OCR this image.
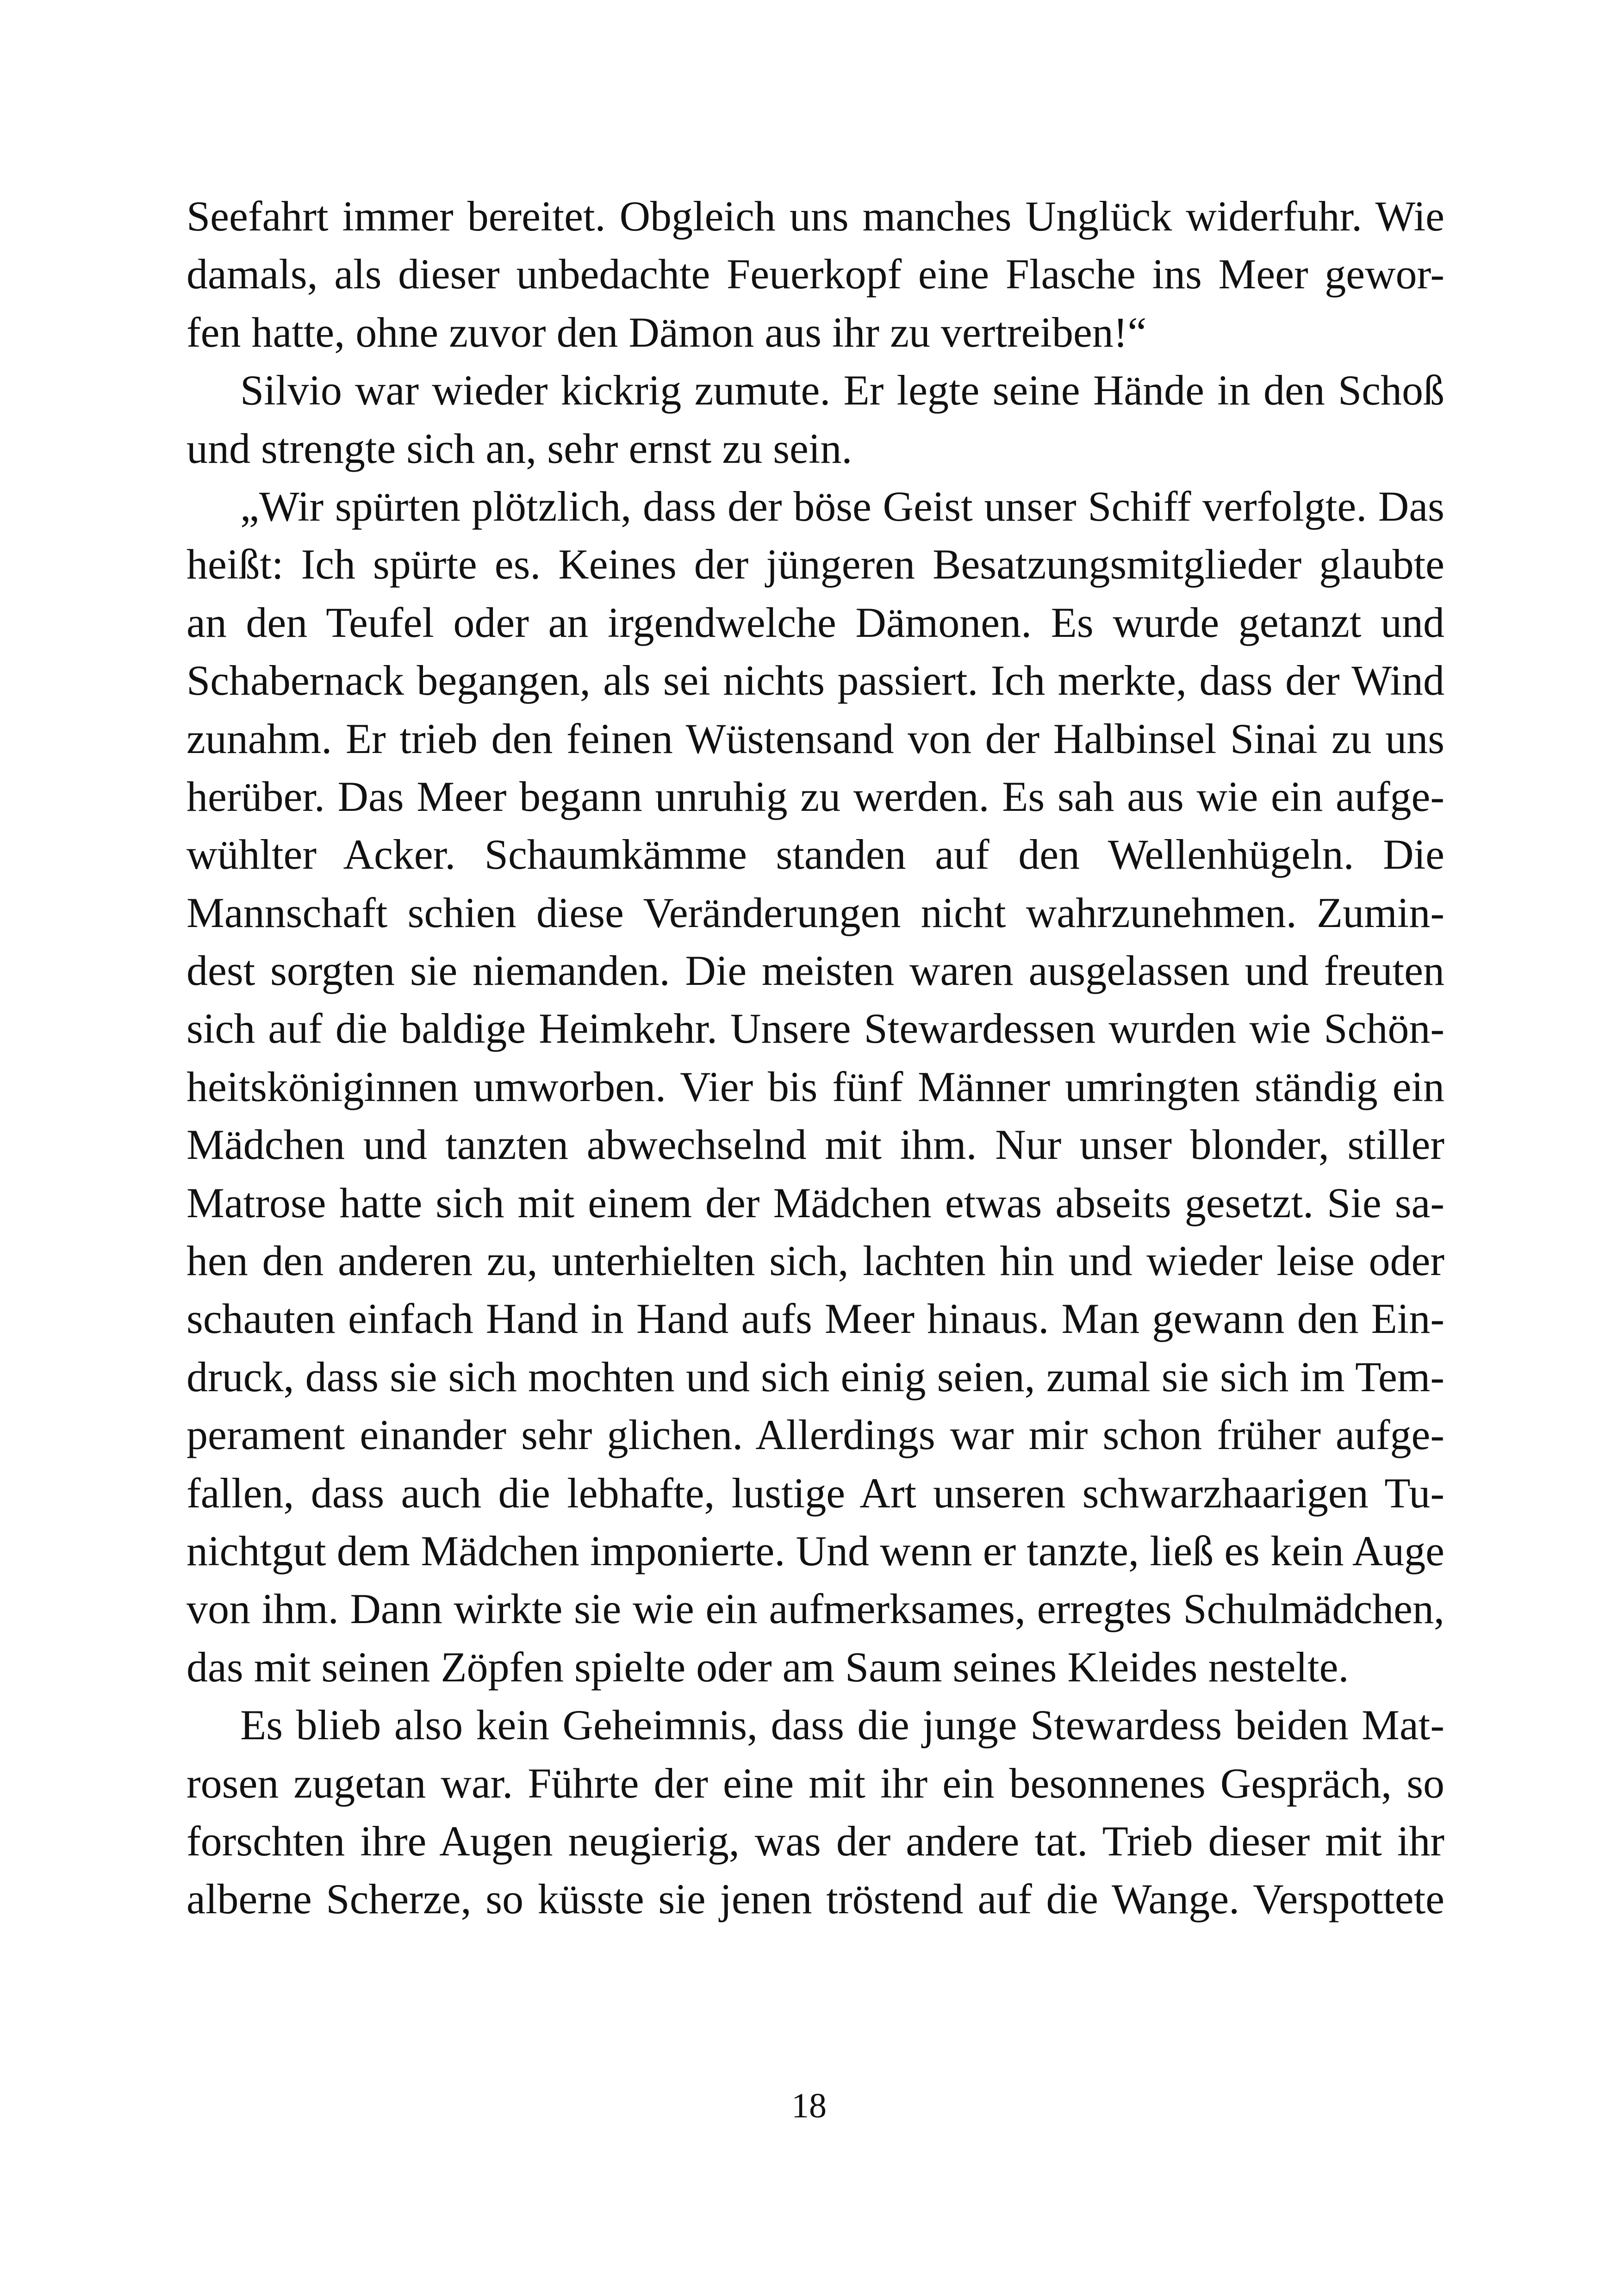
Seefahrt immer bereitet. Obgleich uns manches Unglück widerfuhr. Wie
damals, als dieser unbedachte Feuerkopf eine Flasche ins Meer gewor-
fen hatte, ohne zuvor den Dämon aus ihr zu vertreiben!“
Silvio war wieder kickrig zumute. Er legte seine Hände in den Schoß
und strengte sich an, sehr ernst zu sein.
„Wir spürten plötzlich, dass der böse Geist unser Schiff verfolgte. Das
heißt: Ich spürte es. Keines der jüngeren Besatzungsmitglieder glaubte
an den Teufel oder an irgendwelche Dämonen. Es wurde getanzt und
Schabernack begangen, als sei nichts passiert. Ich merkte, dass der Wind
zunahm. Er trieb den feinen Wüstensand von der Halbinsel Sinai zu uns
herüber. Das Meer begann unruhig zu werden. Es sah aus wie ein aufge-
wühlter Acker. Schaumkämme standen auf den Wellenhügeln. Die
Mannschaft schien diese Veränderungen nicht wahrzunehmen. Zumin-
dest sorgten sie niemanden. Die meisten waren ausgelassen und freuten
sich auf die baldige Heimkehr. Unsere Stewardessen wurden wie Schön-
heitsköniginnen umworben. Vier bis fünf Männer umringten ständig ein
Mädchen und tanzten abwechselnd mit ihm. Nur unser blonder, stiller
Matrose hatte sich mit einem der Mädchen etwas abseits gesetzt. Sie sa-
hen den anderen zu, unterhielten sich, lachten hin und wieder leise oder
schauten einfach Hand in Hand aufs Meer hinaus. Man gewann den Ein-
druck, dass sie sich mochten und sich einig seien, zumal sie sich im Tem-
perament einander sehr glichen. Allerdings war mir schon früher aufge-
fallen, dass auch die lebhafte, lustige Art unseren schwarzhaarigen Tu-
nichtgut dem Mädchen imponierte. Und wenn er tanzte, ließ es kein Auge
von ihm. Dann wirkte sie wie ein aufmerksames, erregtes Schulmädchen,
das mit seinen Zöpfen spielte oder am Saum seines Kleides nestelte.
Es blieb also kein Geheimnis, dass die junge Stewardess beiden Mat-
rosen zugetan war. Führte der eine mit ihr ein besonnenes Gespräch, so
forschten ihre Augen neugierig, was der andere tat. Trieb dieser mit ihr
alberne Scherze, so küsste sie jenen tröstend auf die Wange. Verspottete
18
